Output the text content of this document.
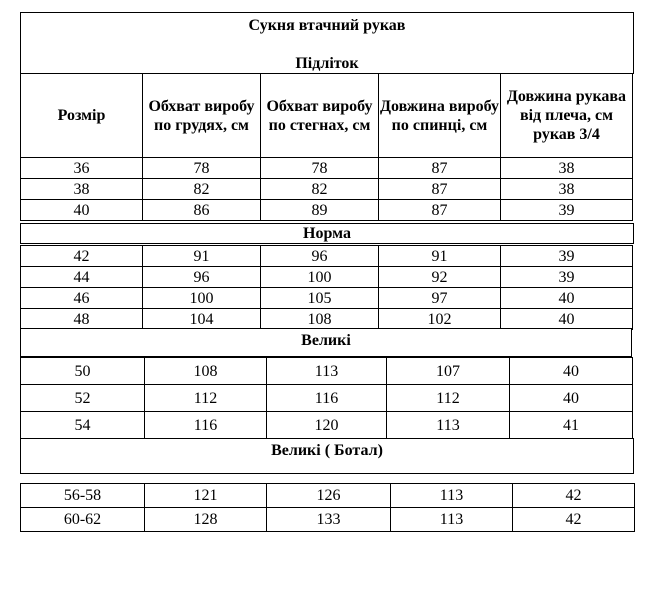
Сукня втачний рукав
Підліток
Розмір	Обхват виробу по грудях, см	Обхват виробу по стегнах, см	Довжина виробу по спинці, см	Довжина рукава від плеча, см рукав 3/4
36	78	78	87	38
38	82	82	87	38
40	86	89	87	39
Норма
42	91	96	91	39
44	96	100	92	39
46	100	105	97	40
48	104	108	102	40
Великі
50	108	113	107	40
52	112	116	112	40
54	116	120	113	41
Великі ( Ботал)
56-58	121	126	113	42
60-62	128	133	113	42
